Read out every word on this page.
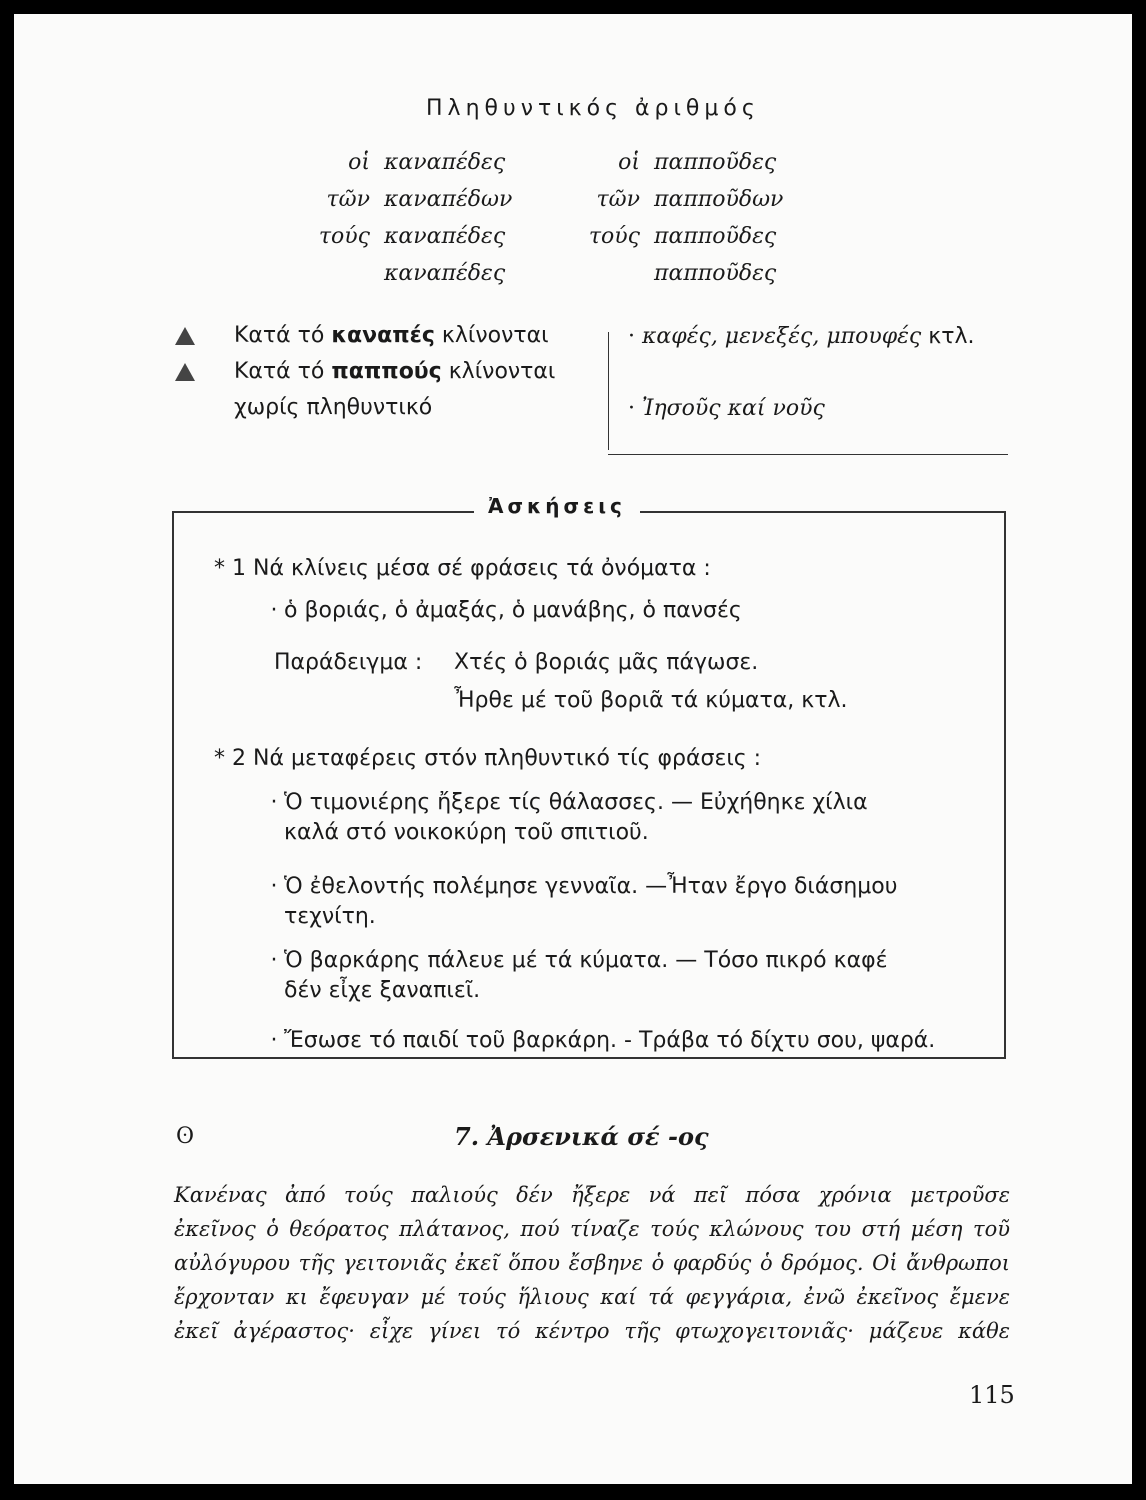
Πληθυντικός ἀριθμός
οἱ καναπέδες
τῶν καναπέδων
τούς καναπέδες
καναπέδες
οἱ παπποῦδες
τῶν παπποῦδων
τούς παπποῦδες
παπποῦδες
Κατά τό
καναπές
κλίνονται
Κατά τό
παππούς
κλίνονται
χωρίς πληθυντικό
· καφές, μενεξές, μπουφές κτλ.
· Ἰησοῦς καί νοῦς
Ἀσκήσεις
* 1 Νά κλίνεις μέσα σέ φράσεις τά ὀνόματα :
· ὁ βοριάς, ὁ ἀμαξάς, ὁ μανάβης, ὁ πανσές
Παράδειγμα : Χτές ὁ βοριάς μᾶς πάγωσε.
Ἦρθε μέ τοῦ βοριᾶ τά κύματα, κτλ.
* 2 Νά μεταφέρεις στόν πληθυντικό τίς φράσεις :
· Ὁ τιμονιέρης ἤξερε τίς θάλασσες. — Εὐχήθηκε χίλια
καλά στό νοικοκύρη τοῦ σπιτιοῦ.
· Ὁ ἐθελοντής πολέμησε γενναῖα. —Ἦταν ἔργο διάσημου
τεχνίτη.
· Ὁ βαρκάρης πάλευε μέ τά κύματα. — Τόσο πικρό καφέ
δέν εἶχε ξαναπιεῖ.
· Ἔσωσε τό παιδί τοῦ βαρκάρη. - Τράβα τό δίχτυ σου, ψαρά.
ʘ	7. Ἀρσενικά σέ -ος
Κανένας ἀπό τούς παλιούς δέν ἤξερε νά πεῖ πόσα χρόνια μετροῦσε
ἐκεῖνος ὁ θεόρατος πλάτανος, πού τίναζε τούς κλώνους του στή μέση τοῦ
αὐλόγυρου τῆς γειτονιᾶς ἐκεῖ ὅπου ἔσβηνε ὁ φαρδύς ὁ δρόμος. Οἱ ἄνθρωποι
ἔρχονταν κι ἔφευγαν μέ τούς ἥλιους καί τά φεγγάρια, ἐνῶ ἐκεῖνος ἔμενε
ἐκεῖ ἀγέραστος· εἶχε γίνει τό κέντρο τῆς φτωχογειτονιᾶς· μάζευε κάθε
115
